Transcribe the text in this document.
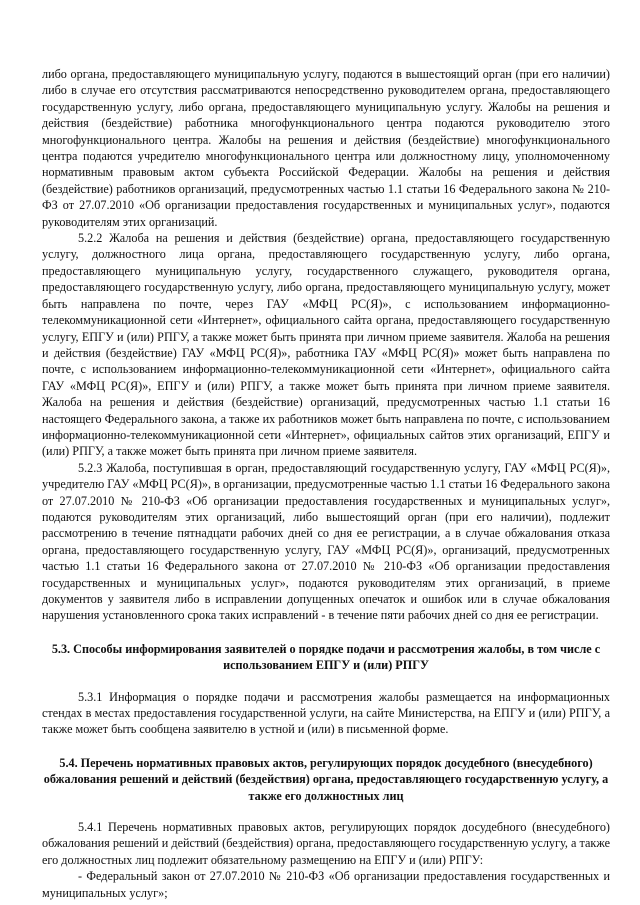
либо органа, предоставляющего муниципальную услугу, подаются в вышестоящий орган (при его наличии) либо в случае его отсутствия рассматриваются непосредственно руководителем органа, предоставляющего государственную услугу, либо органа, предоставляющего муниципальную услугу. Жалобы на решения и действия (бездействие) работника многофункционального центра подаются руководителю этого многофункционального центра. Жалобы на решения и действия (бездействие) многофункционального центра подаются учредителю многофункционального центра или должностному лицу, уполномоченному нормативным правовым актом субъекта Российской Федерации. Жалобы на решения и действия (бездействие) работников организаций, предусмотренных частью 1.1 статьи 16 Федерального закона № 210-ФЗ от 27.07.2010 «Об организации предоставления государственных и муниципальных услуг», подаются руководителям этих организаций.

5.2.2 Жалоба на решения и действия (бездействие) органа, предоставляющего государственную услугу, должностного лица органа, предоставляющего государственную услугу, либо органа, предоставляющего муниципальную услугу, государственного служащего, руководителя органа, предоставляющего государственную услугу, либо органа, предоставляющего муниципальную услугу, может быть направлена по почте, через ГАУ «МФЦ РС(Я)», с использованием информационно-телекоммуникационной сети «Интернет», официального сайта органа, предоставляющего государственную услугу, ЕПГУ и (или) РПГУ, а также может быть принята при личном приеме заявителя. Жалоба на решения и действия (бездействие) ГАУ «МФЦ РС(Я)», работника ГАУ «МФЦ РС(Я)» может быть направлена по почте, с использованием информационно-телекоммуникационной сети «Интернет», официального сайта ГАУ «МФЦ РС(Я)», ЕПГУ и (или) РПГУ, а также может быть принята при личном приеме заявителя. Жалоба на решения и действия (бездействие) организаций, предусмотренных частью 1.1 статьи 16 настоящего Федерального закона, а также их работников может быть направлена по почте, с использованием информационно-телекоммуникационной сети «Интернет», официальных сайтов этих организаций, ЕПГУ и (или) РПГУ, а также может быть принята при личном приеме заявителя.

5.2.3 Жалоба, поступившая в орган, предоставляющий государственную услугу, ГАУ «МФЦ РС(Я)», учредителю ГАУ «МФЦ РС(Я)», в организации, предусмотренные частью 1.1 статьи 16 Федерального закона от 27.07.2010 № 210-ФЗ «Об организации предоставления государственных и муниципальных услуг», подаются руководителям этих организаций, либо вышестоящий орган (при его наличии), подлежит рассмотрению в течение пятнадцати рабочих дней со дня ее регистрации, а в случае обжалования отказа органа, предоставляющего государственную услугу, ГАУ «МФЦ РС(Я)», организаций, предусмотренных частью 1.1 статьи 16 Федерального закона от 27.07.2010 № 210-ФЗ «Об организации предоставления государственных и муниципальных услуг», подаются руководителям этих организаций, в приеме документов у заявителя либо в исправлении допущенных опечаток и ошибок или в случае обжалования нарушения установленного срока таких исправлений - в течение пяти рабочих дней со дня ее регистрации.

5.3. Способы информирования заявителей о порядке подачи и рассмотрения жалобы, в том числе с использованием ЕПГУ и (или) РПГУ

5.3.1 Информация о порядке подачи и рассмотрения жалобы размещается на информационных стендах в местах предоставления государственной услуги, на сайте Министерства, на ЕПГУ и (или) РПГУ, а также может быть сообщена заявителю в устной и (или) в письменной форме.

5.4. Перечень нормативных правовых актов, регулирующих порядок досудебного (внесудебного) обжалования решений и действий (бездействия) органа, предоставляющего государственную услугу, а также его должностных лиц

5.4.1 Перечень нормативных правовых актов, регулирующих порядок досудебного (внесудебного) обжалования решений и действий (бездействия) органа, предоставляющего государственную услугу, а также его должностных лиц подлежит обязательному размещению на ЕПГУ и (или) РПГУ:

- Федеральный закон от 27.07.2010 № 210-ФЗ «Об организации предоставления государственных и муниципальных услуг»;
